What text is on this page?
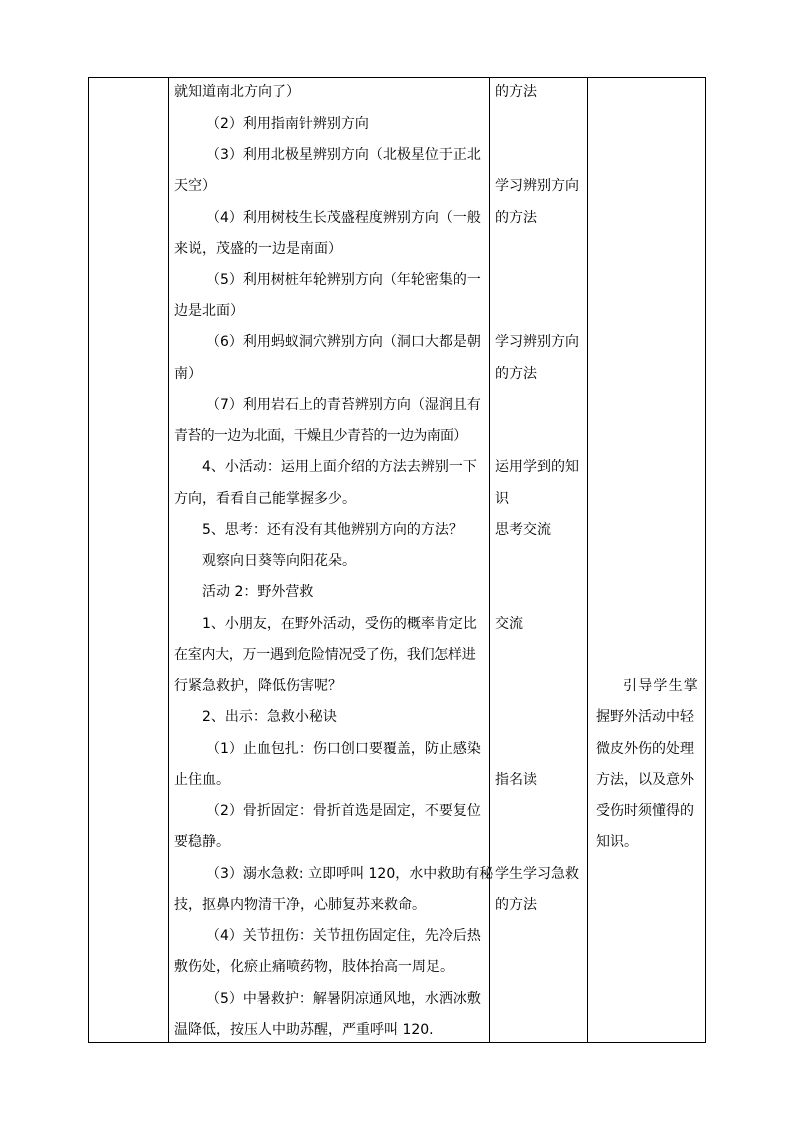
就知道南北方向了）
（2）利用指南针辨别方向
（3）利用北极星辨别方向（北极星位于正北
天空）
（4）利用树枝生长茂盛程度辨别方向（一般
来说，茂盛的一边是南面）
（5）利用树桩年轮辨别方向（年轮密集的一
边是北面）
（6）利用蚂蚁洞穴辨别方向（洞口大都是朝
南）
（7）利用岩石上的青苔辨别方向（湿润且有
青苔的一边为北面，干燥且少青苔的一边为南面）
4、小活动：运用上面介绍的方法去辨别一下
方向，看看自己能掌握多少。
5、思考：还有没有其他辨别方向的方法？
观察向日葵等向阳花朵。
活动 2：野外营救
1、小朋友，在野外活动，受伤的概率肯定比
在室内大，万一遇到危险情况受了伤，我们怎样进
行紧急救护，降低伤害呢？
2、出示：急救小秘诀
（1）止血包扎：伤口创口要覆盖，防止感染
止住血。
（2）骨折固定：骨折首选是固定，不要复位
要稳静。
（3）溺水急救: 立即呼叫 120，水中救助有秘
技，抠鼻内物清干净，心肺复苏来救命。
（4）关节扭伤：关节扭伤固定住，先冷后热
敷伤处，化瘀止痛喷药物，肢体抬高一周足。
（5）中暑救护：解暑阴凉通风地，水洒冰敷
温降低，按压人中助苏醒，严重呼叫 120.
的方法
学习辨别方向
的方法
学习辨别方向
的方法
运用学到的知
识
思考交流
交流
指名读
学生学习急救
的方法
引导学生掌
握野外活动中轻
微皮外伤的处理
方法，以及意外
受伤时须懂得的
知识。
